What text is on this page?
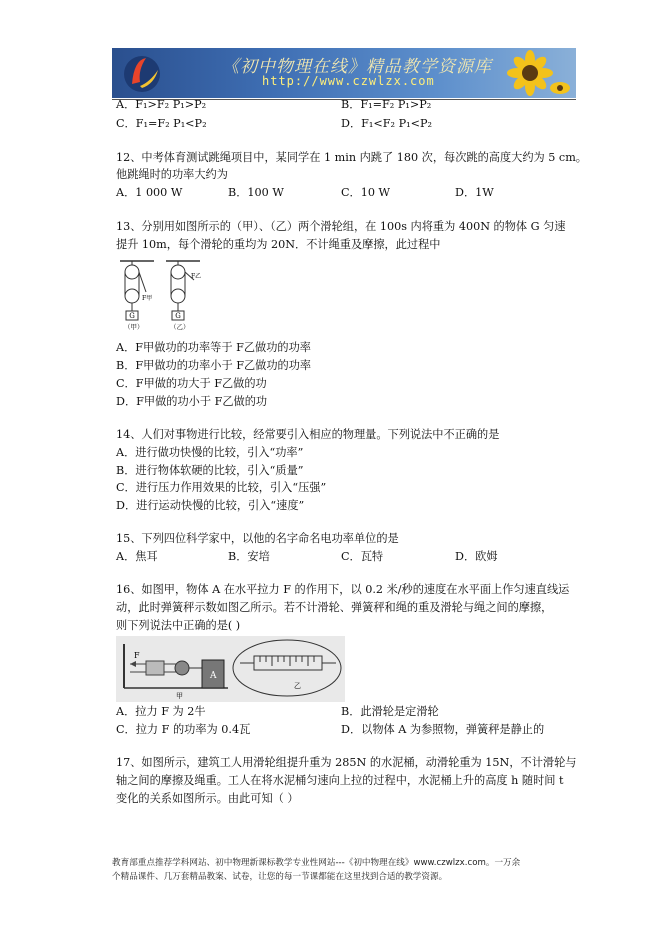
《初中物理在线》精品教学资源库
http://www.czwlzx.com
A．F₁>F₂ P₁>P₂	B．F₁=F₂ P₁>P₂
C．F₁=F₂ P₁<P₂	D．F₁<F₂ P₁<P₂
12、中考体育测试跳绳项目中，某同学在 1 min 内跳了 180 次，每次跳的高度大约为 5 cm。
他跳绳时的功率大约为
A．1 000 W	B．100 W	C．10 W	D．1W
13、分别用如图所示的（甲）、（乙）两个滑轮组，在 100s 内将重为 400N 的物体 G 匀速
提升 10m，每个滑轮的重均为 20N．不计绳重及摩擦，此过程中
G
F甲
（甲）
G
F乙
（乙）
A．F甲做功的功率等于 F乙做功的功率
B．F甲做功的功率小于 F乙做功的功率
C．F甲做的功大于 F乙做的功
D．F甲做的功小于 F乙做的功
14、人们对事物进行比较，经常要引入相应的物理量。下列说法中不正确的是
A．进行做功快慢的比较，引入“功率”
B．进行物体软硬的比较，引入“质量”
C．进行压力作用效果的比较，引入“压强”
D．进行运动快慢的比较，引入“速度”
15、下列四位科学家中，以他的名字命名电功率单位的是
A．焦耳	B．安培	C．瓦特	D．欧姆
16、如图甲，物体 A 在水平拉力 F 的作用下，以 0.2 米/秒的速度在水平面上作匀速直线运
动，此时弹簧秤示数如图乙所示。若不计滑轮、弹簧秤和绳的重及滑轮与绳之间的摩擦，
则下列说法中正确的是( )
F
A
甲
乙
A．拉力 F 为 2牛	B．此滑轮是定滑轮
C．拉力 F 的功率为 0.4瓦	D．以物体 A 为参照物，弹簧秤是静止的
17、如图所示，建筑工人用滑轮组提升重为 285N 的水泥桶，动滑轮重为 15N，不计滑轮与
轴之间的摩擦及绳重。工人在将水泥桶匀速向上拉的过程中，水泥桶上升的高度 h 随时间 t
变化的关系如图所示。由此可知（ ）
教育部重点推荐学科网站、初中物理新课标教学专业性网站---《初中物理在线》www.czwlzx.com。一万余
个精品课件、几万套精品教案、试卷，让您的每一节课都能在这里找到合适的教学资源。
